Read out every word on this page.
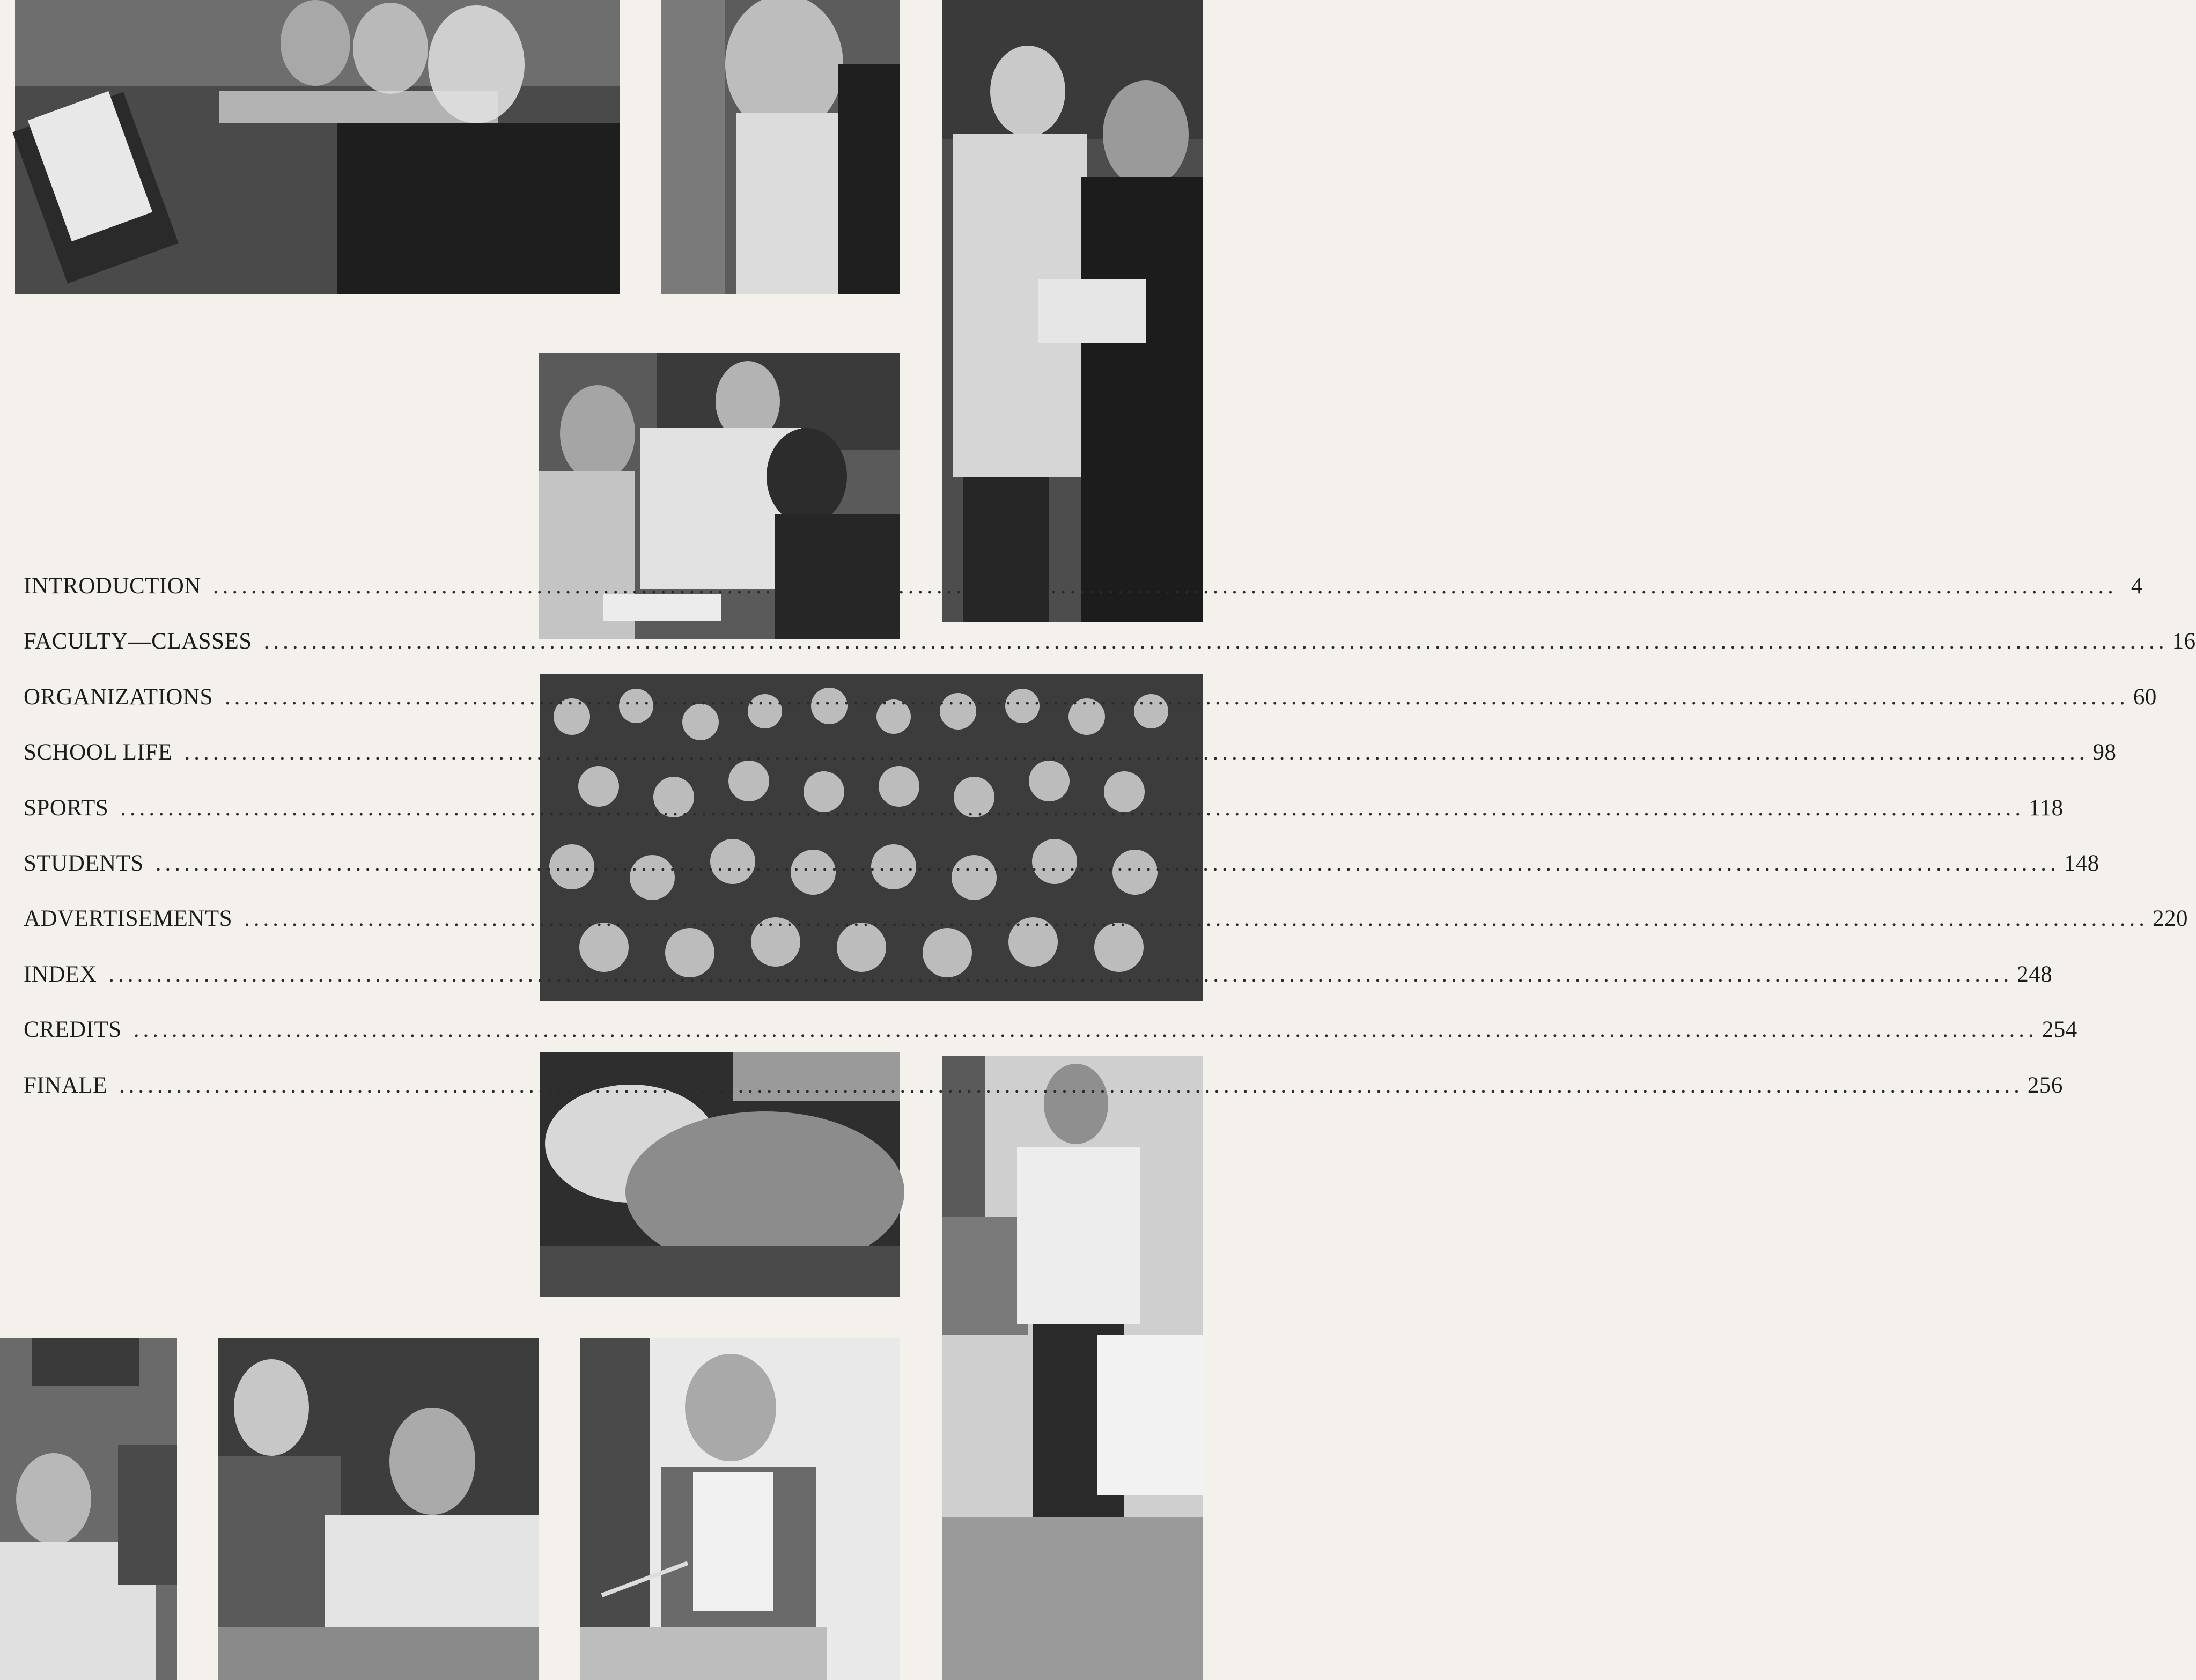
INTRODUCTION ........................................................................................................................................................................................................ 4
FACULTY—CLASSES ........................................................................................................................................................................................................ 16
ORGANIZATIONS ........................................................................................................................................................................................................ 60
SCHOOL LIFE ........................................................................................................................................................................................................ 98
SPORTS ........................................................................................................................................................................................................ 118
STUDENTS ........................................................................................................................................................................................................ 148
ADVERTISEMENTS ........................................................................................................................................................................................................ 220
INDEX ........................................................................................................................................................................................................ 248
CREDITS ........................................................................................................................................................................................................ 254
FINALE ........................................................................................................................................................................................................ 256
